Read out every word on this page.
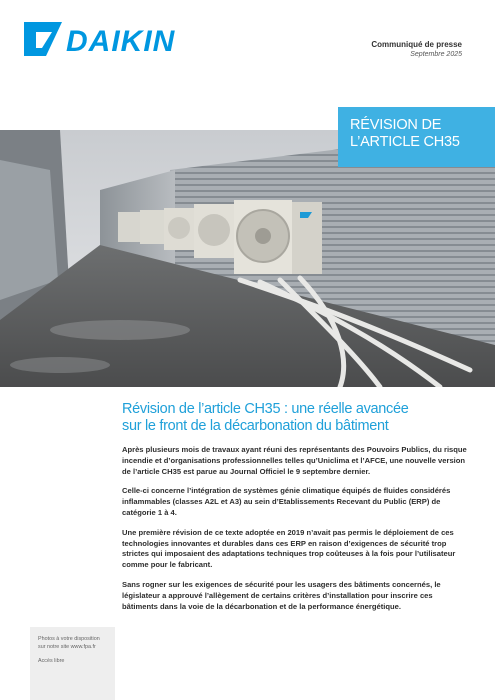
DAIKIN	Communiqué de presse
Septembre 2025
RÉVISION DE
L’ARTICLE CH35
Révision de l’article CH35 : une réelle avancée
sur le front de la décarbonation du bâtiment

Après plusieurs mois de travaux ayant réuni des représentants des Pouvoirs Publics, du risque incendie et d’organisations professionnelles telles qu’Uniclima et l’AFCE, une nouvelle version de l’article CH35 est parue au Journal Officiel le 9 septembre dernier.

Celle-ci concerne l’intégration de systèmes génie climatique équipés de fluides considérés inflammables (classes A2L et A3) au sein d’Etablissements Recevant du Public (ERP) de catégorie 1 à 4.

Une première révision de ce texte adoptée en 2019 n’avait pas permis le déploiement de ces technologies innovantes et durables dans ces ERP en raison d’exigences de sécurité trop strictes qui imposaient des adaptations techniques trop coûteuses à la fois pour l’utilisateur comme pour le fabricant.

Sans rogner sur les exigences de sécurité pour les usagers des bâtiments concernés, le législateur a approuvé l’allègement de certains critères d’installation pour inscrire ces bâtiments dans la voie de la décarbonation et de la performance énergétique.

Photos à votre disposition
sur notre site www.fpa.fr
Accès libre
